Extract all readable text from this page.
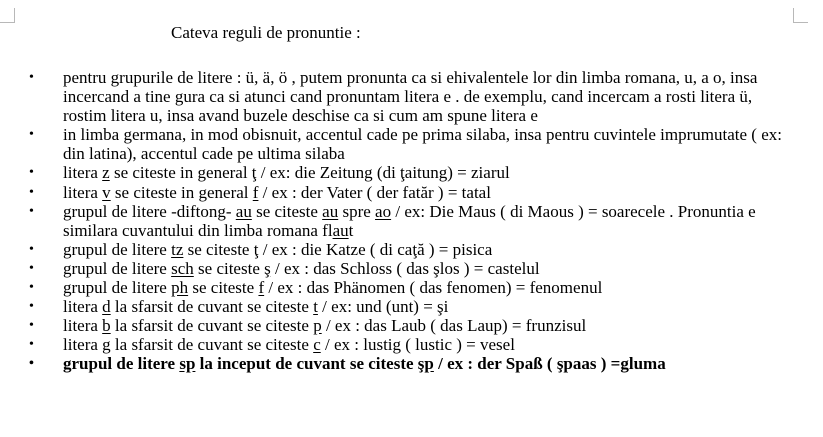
Cateva reguli de pronuntie :
• pentru grupurile de litere : ü, ä, ö , putem pronunta ca si ehivalentele lor din limba romana, u, a o, insa incercand a tine gura ca si atunci cand pronuntam litera e . de exemplu, cand incercam a rosti litera ü, rostim litera u, insa avand buzele deschise ca si cum am spune litera e
• in limba germana, in mod obisnuit, accentul cade pe prima silaba, insa pentru cuvintele imprumutate ( ex: din latina), accentul cade pe ultima silaba
• litera z se citeste in general ţ / ex: die Zeitung (di ţaitung) = ziarul
• litera v se citeste in general f / ex : der Vater ( der fatăr ) = tatal
• grupul de litere -diftong- au se citeste au spre ao / ex: Die Maus ( di Maous ) = soarecele . Pronuntia e similara cuvantului din limba romana flaut
• grupul de litere tz se citeste ţ / ex : die Katze ( di caţă ) = pisica
• grupul de litere sch se citeste ş / ex : das Schloss ( das şlos ) = castelul
• grupul de litere ph se citeste f / ex : das Phänomen ( das fenomen) = fenomenul
• litera d la sfarsit de cuvant se citeste t / ex: und (unt) = şi
• litera b la sfarsit de cuvant se citeste p / ex : das Laub ( das Laup) = frunzisul
• litera g la sfarsit de cuvant se citeste c / ex : lustig ( lustic ) = vesel
• grupul de litere sp la inceput de cuvant se citeste şp / ex : der Spaß ( şpaas ) =gluma
